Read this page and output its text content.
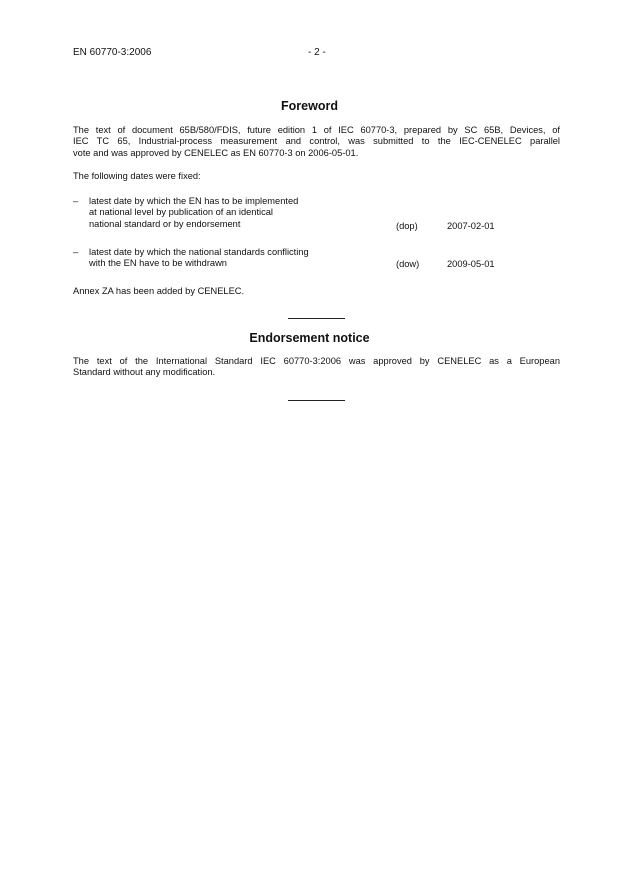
EN 60770-3:2006	- 2 -
Foreword
The text of document 65B/580/FDIS, future edition 1 of IEC 60770-3, prepared by SC 65B, Devices, of
IEC TC 65, Industrial-process measurement and control, was submitted to the IEC-CENELEC parallel
vote and was approved by CENELEC as EN 60770-3 on 2006-05-01.
The following dates were fixed:
– latest date by which the EN has to be implemented
at national level by publication of an identical
national standard or by endorsement	(dop)	2007-02-01
– latest date by which the national standards conflicting
with the EN have to be withdrawn	(dow)	2009-05-01
Annex ZA has been added by CENELEC.
Endorsement notice
The text of the International Standard IEC 60770-3:2006 was approved by CENELEC as a European
Standard without any modification.
